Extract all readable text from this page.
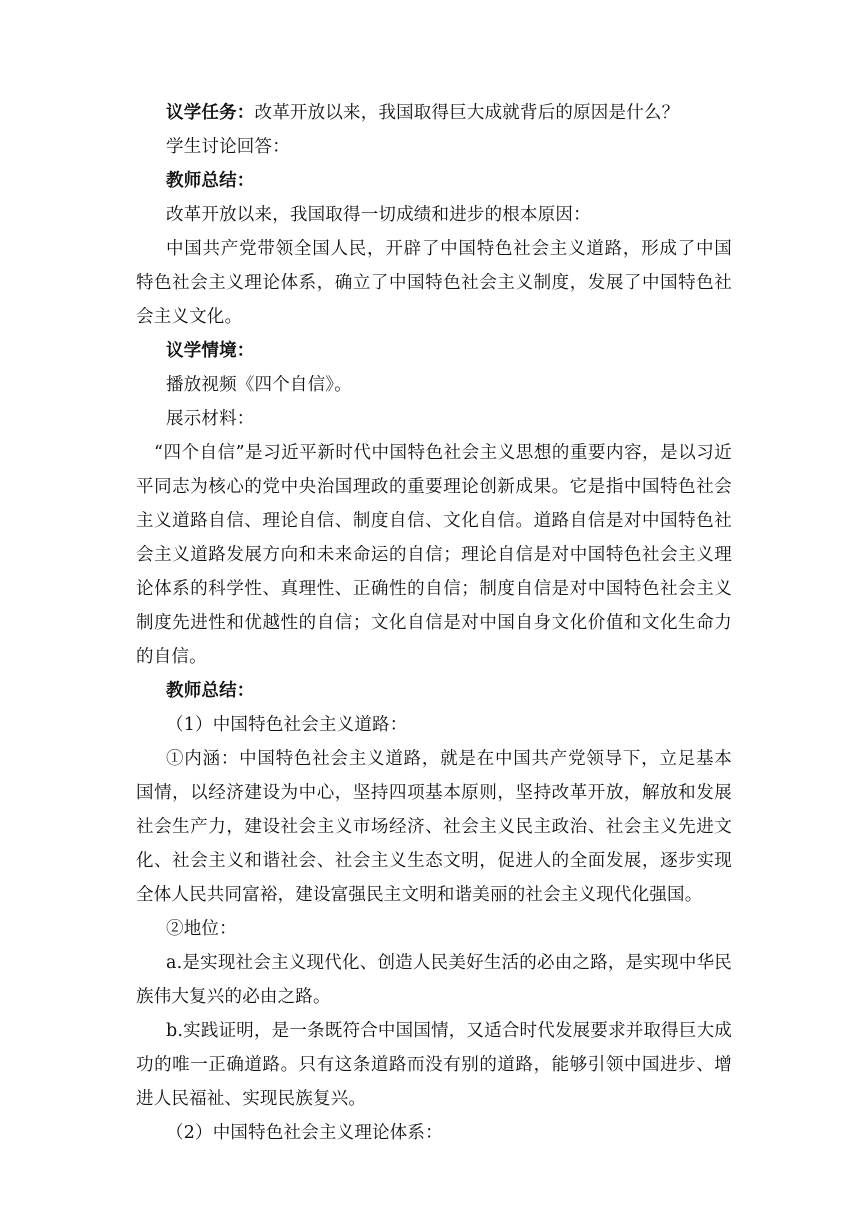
议学任务：改革开放以来，我国取得巨大成就背后的原因是什么？

学生讨论回答：

教师总结：

改革开放以来，我国取得一切成绩和进步的根本原因：

中国共产党带领全国人民，开辟了中国特色社会主义道路，形成了中国特色社会主义理论体系，确立了中国特色社会主义制度，发展了中国特色社会主义文化。

议学情境：

播放视频《四个自信》。

展示材料：

“四个自信”是习近平新时代中国特色社会主义思想的重要内容，是以习近平同志为核心的党中央治国理政的重要理论创新成果。它是指中国特色社会主义道路自信、理论自信、制度自信、文化自信。道路自信是对中国特色社会主义道路发展方向和未来命运的自信；理论自信是对中国特色社会主义理论体系的科学性、真理性、正确性的自信；制度自信是对中国特色社会主义制度先进性和优越性的自信；文化自信是对中国自身文化价值和文化生命力的自信。

教师总结：

（1）中国特色社会主义道路：

①内涵：中国特色社会主义道路，就是在中国共产党领导下，立足基本国情，以经济建设为中心，坚持四项基本原则，坚持改革开放，解放和发展社会生产力，建设社会主义市场经济、社会主义民主政治、社会主义先进文化、社会主义和谐社会、社会主义生态文明，促进人的全面发展，逐步实现全体人民共同富裕，建设富强民主文明和谐美丽的社会主义现代化强国。

②地位：

a.是实现社会主义现代化、创造人民美好生活的必由之路，是实现中华民族伟大复兴的必由之路。

b.实践证明，是一条既符合中国国情，又适合时代发展要求并取得巨大成功的唯一正确道路。只有这条道路而没有别的道路，能够引领中国进步、增进人民福祉、实现民族复兴。

（2）中国特色社会主义理论体系：
